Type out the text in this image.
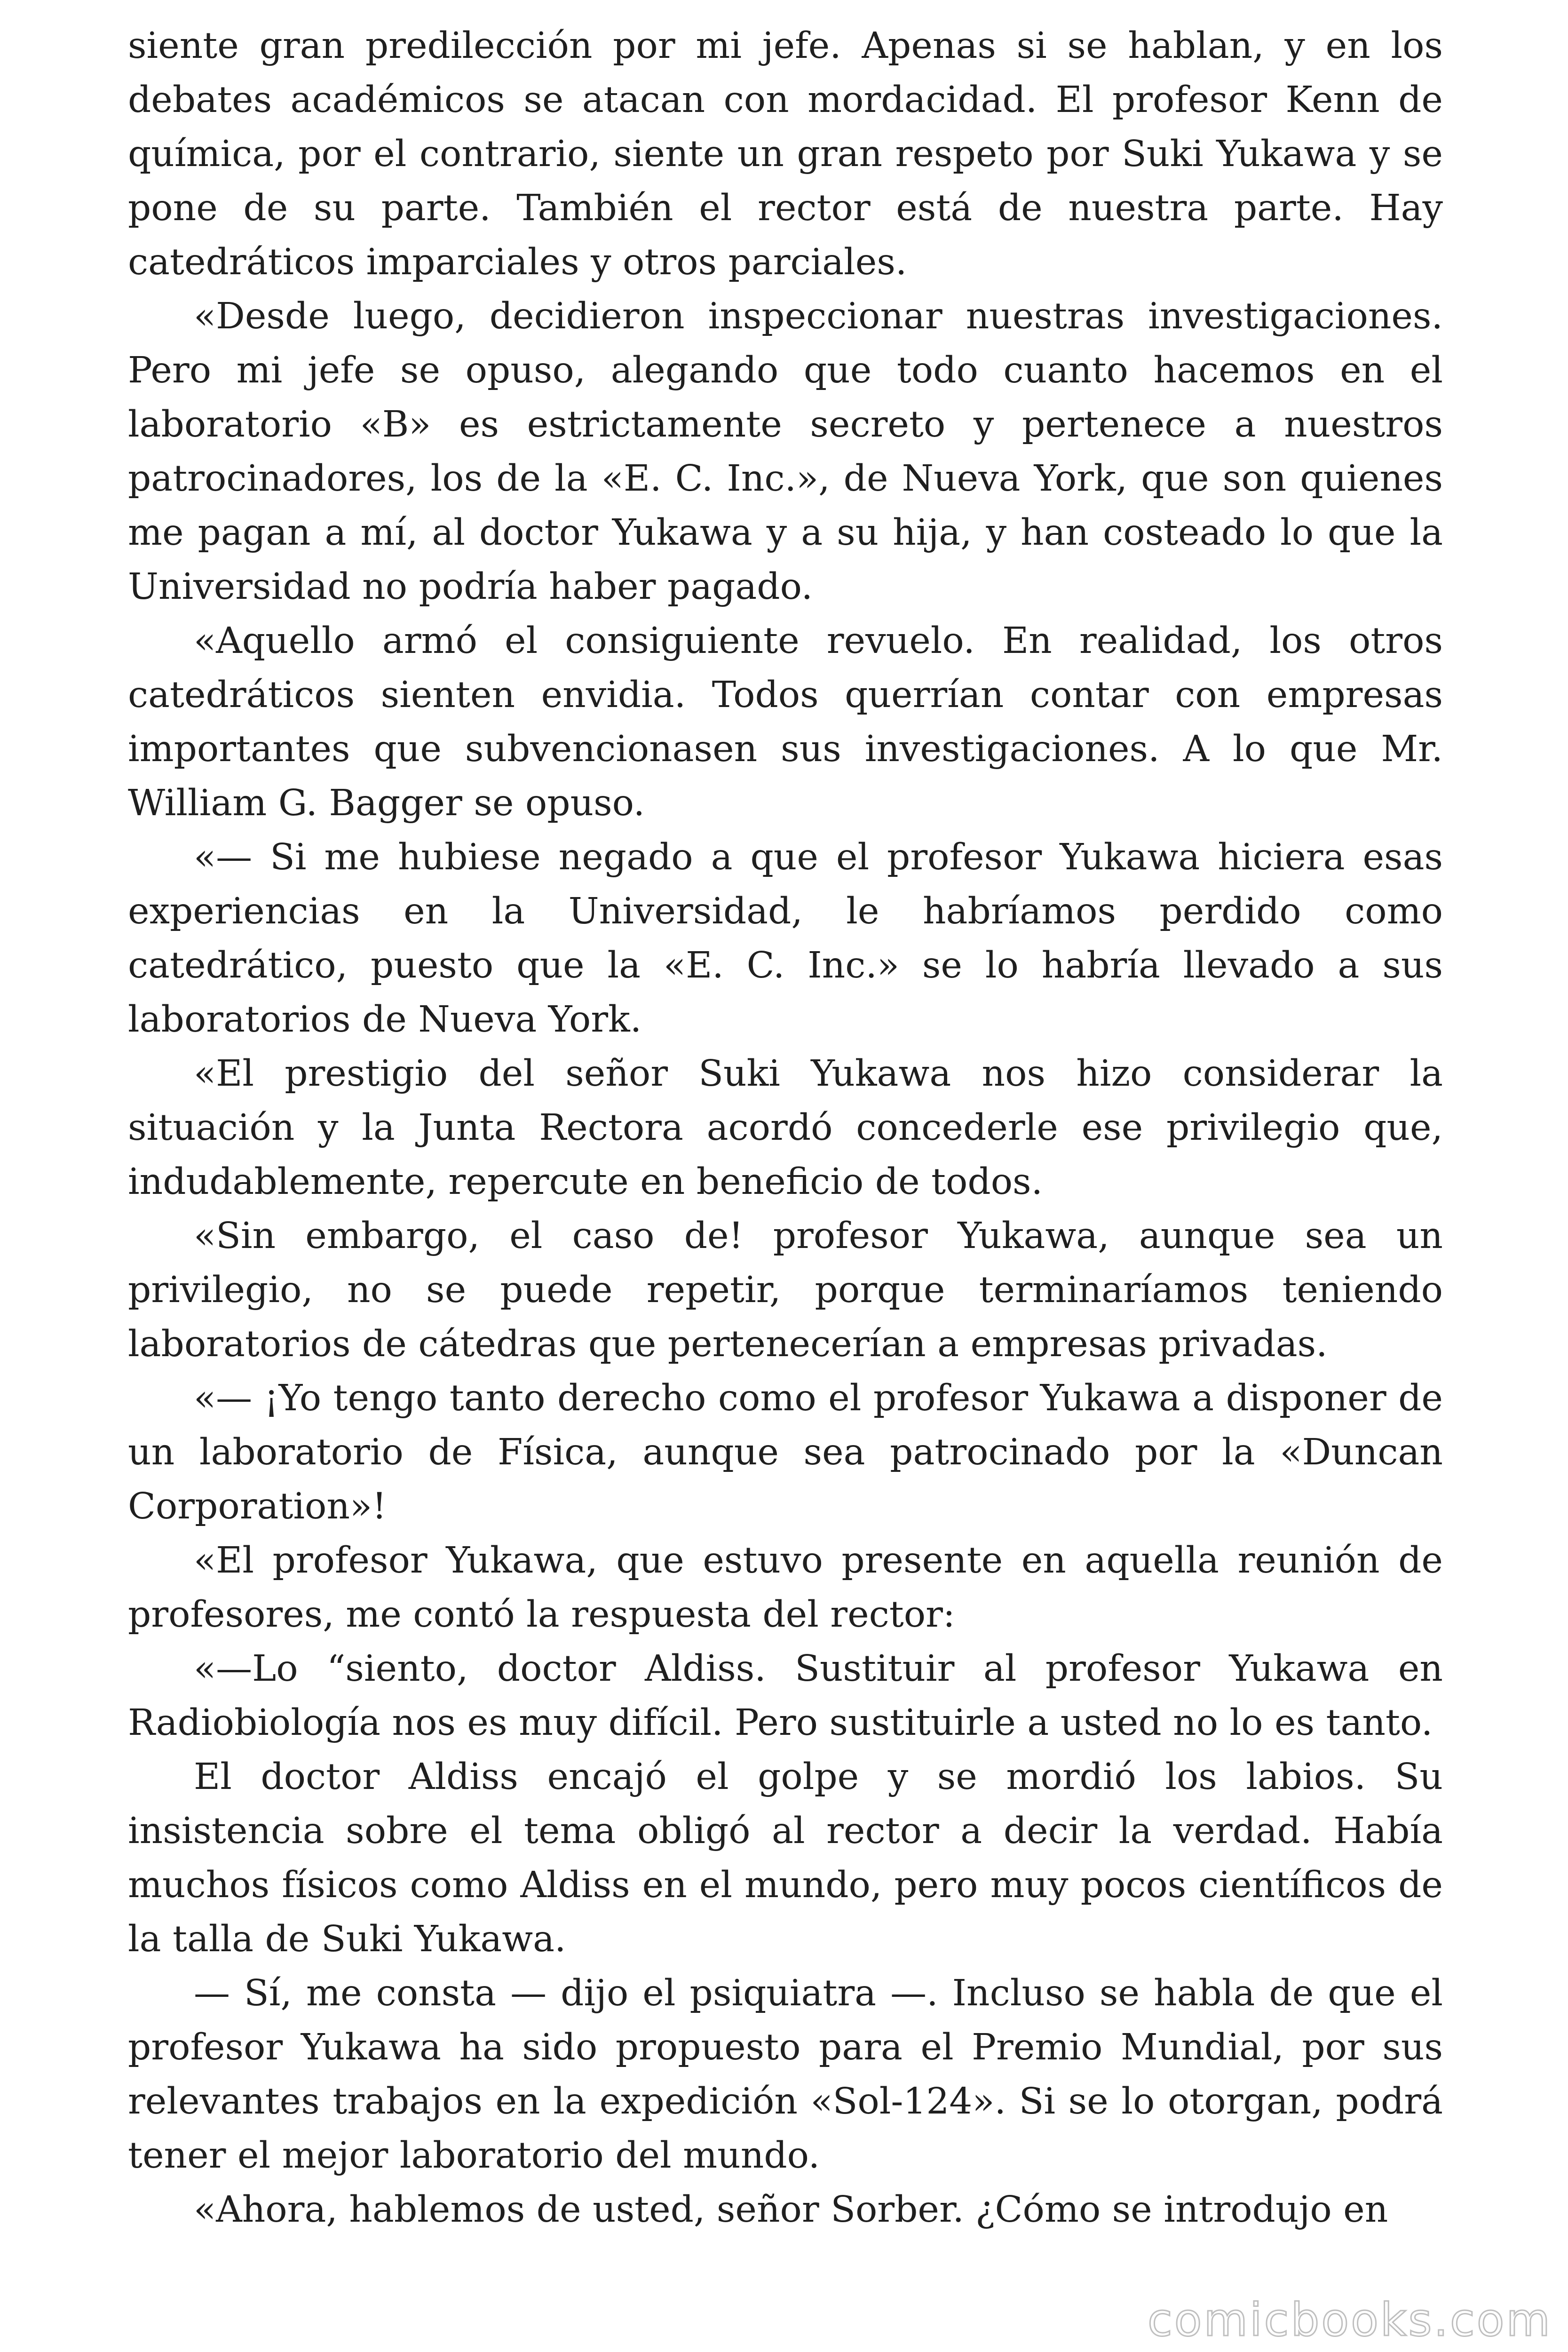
siente gran predilección por mi jefe. Apenas si se hablan, y en los debates académicos se atacan con mordacidad. El profesor Kenn de química, por el contrario, siente un gran respeto por Suki Yukawa y se pone de su parte. También el rector está de nuestra parte. Hay catedráticos imparciales y otros parciales.

«Desde luego, decidieron inspeccionar nuestras investigaciones. Pero mi jefe se opuso, alegando que todo cuanto hacemos en el laboratorio «B» es estrictamente secreto y pertenece a nuestros patrocinadores, los de la «E. C. Inc.», de Nueva York, que son quienes me pagan a mí, al doctor Yukawa y a su hija, y han costeado lo que la Universidad no podría haber pagado.

«Aquello armó el consiguiente revuelo. En realidad, los otros catedráticos sienten envidia. Todos querrían contar con empresas importantes que subvencionasen sus investigaciones. A lo que Mr. William G. Bagger se opuso.

«— Si me hubiese negado a que el profesor Yukawa hiciera esas experiencias en la Universidad, le habríamos perdido como catedrático, puesto que la «E. C. Inc.» se lo habría llevado a sus laboratorios de Nueva York.

«El prestigio del señor Suki Yukawa nos hizo considerar la situación y la Junta Rectora acordó concederle ese privilegio que, indudablemente, repercute en beneficio de todos.

«Sin embargo, el caso de! profesor Yukawa, aunque sea un privilegio, no se puede repetir, porque terminaríamos teniendo laboratorios de cátedras que pertenecerían a empresas privadas.

«— ¡Yo tengo tanto derecho como el profesor Yukawa a disponer de un laboratorio de Física, aunque sea patrocinado por la «Duncan Corporation»!

«El profesor Yukawa, que estuvo presente en aquella reunión de profesores, me contó la respuesta del rector:

«—Lo “siento, doctor Aldiss. Sustituir al profesor Yukawa en Radiobiología nos es muy difícil. Pero sustituirle a usted no lo es tanto.

El doctor Aldiss encajó el golpe y se mordió los labios. Su insistencia sobre el tema obligó al rector a decir la verdad. Había muchos físicos como Aldiss en el mundo, pero muy pocos científicos de la talla de Suki Yukawa.

— Sí, me consta — dijo el psiquiatra —. Incluso se habla de que el profesor Yukawa ha sido propuesto para el Premio Mundial, por sus relevantes trabajos en la expedición «Sol-124». Si se lo otorgan, podrá tener el mejor laboratorio del mundo.

«Ahora, hablemos de usted, señor Sorber. ¿Cómo se introdujo en

comicbooks.com
